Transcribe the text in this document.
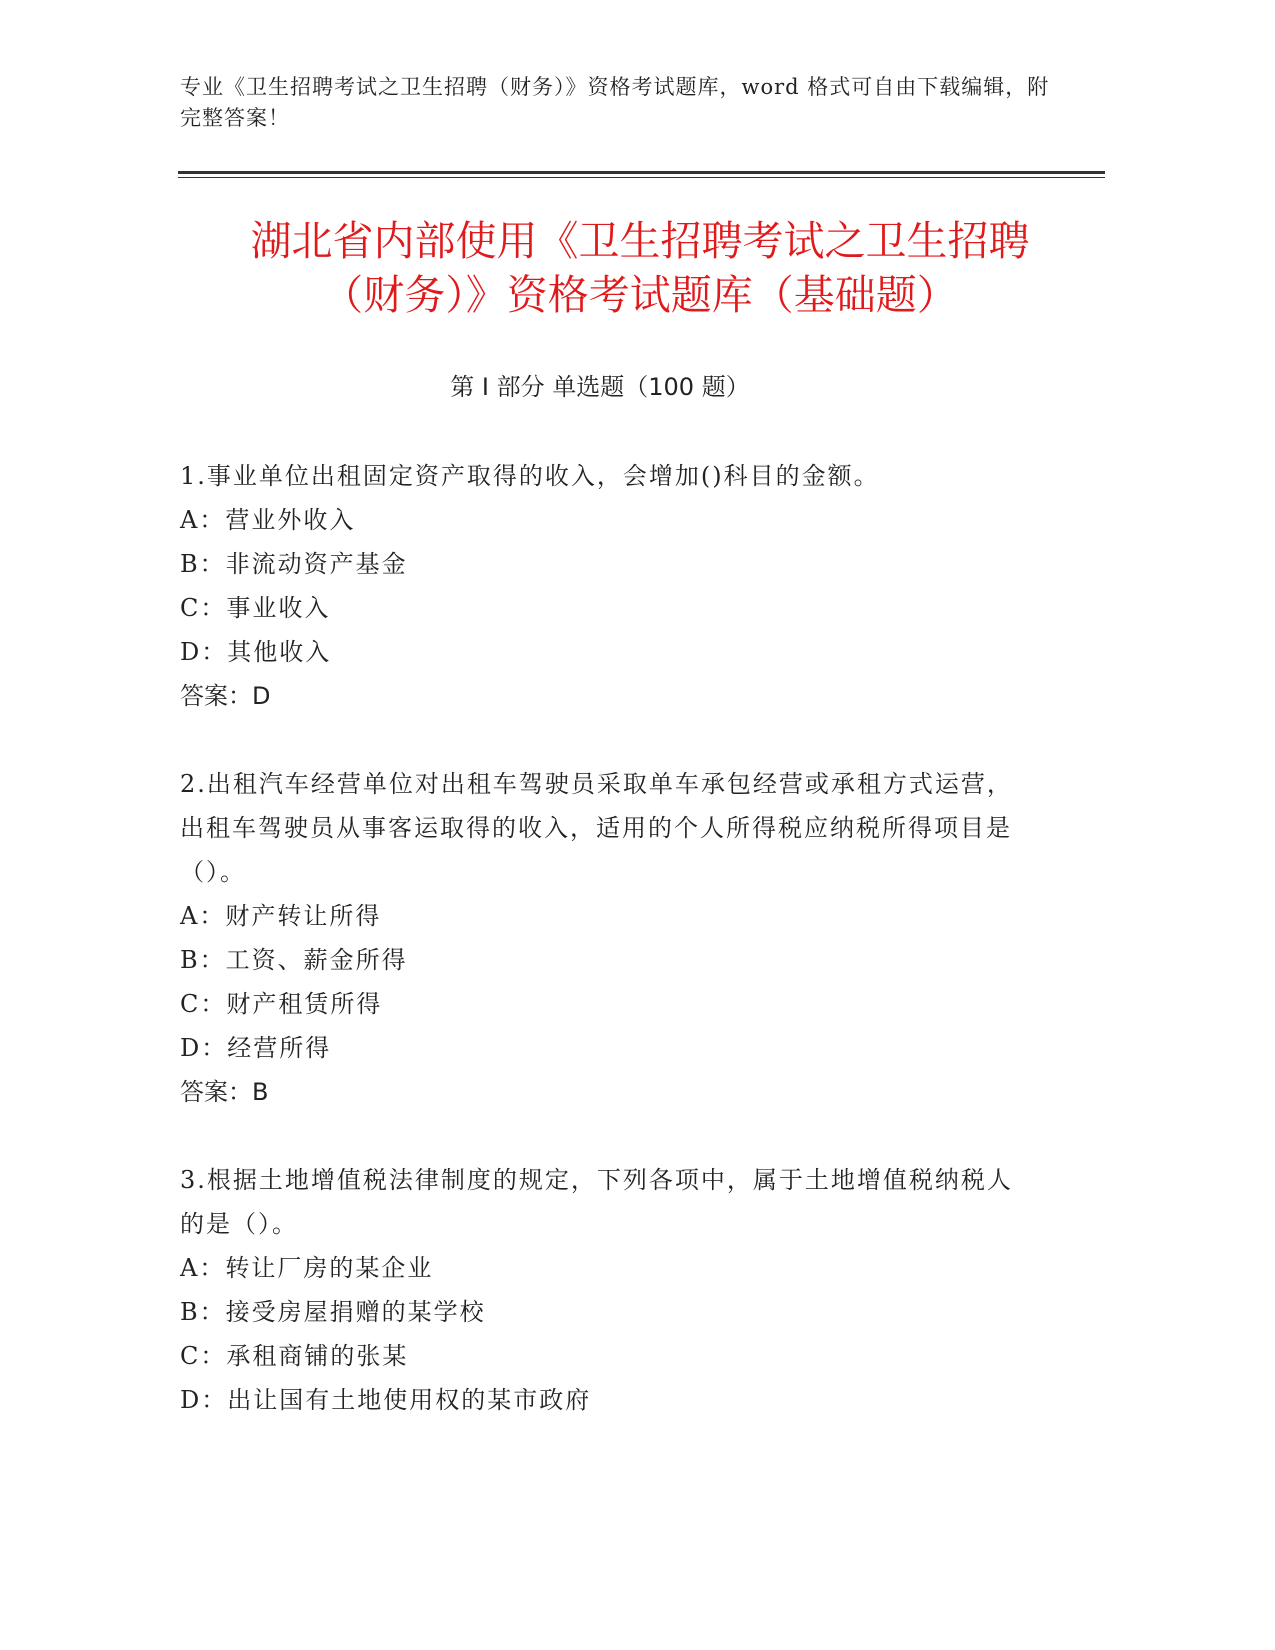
专业《卫生招聘考试之卫生招聘（财务）》资格考试题库，word 格式可自由下载编辑，附完整答案！
湖北省内部使用《卫生招聘考试之卫生招聘
（财务）》资格考试题库（基础题）
第 I 部分 单选题（100 题）
1.事业单位出租固定资产取得的收入，会增加()科目的金额。
A：营业外收入
B：非流动资产基金
C：事业收入
D：其他收入
答案：D
2.出租汽车经营单位对出租车驾驶员采取单车承包经营或承租方式运营，出租车驾驶员从事客运取得的收入，适用的个人所得税应纳税所得项目是（）。
A：财产转让所得
B：工资、薪金所得
C：财产租赁所得
D：经营所得
答案：B
3.根据土地增值税法律制度的规定，下列各项中，属于土地增值税纳税人的是（）。
A：转让厂房的某企业
B：接受房屋捐赠的某学校
C：承租商铺的张某
D：出让国有土地使用权的某市政府
